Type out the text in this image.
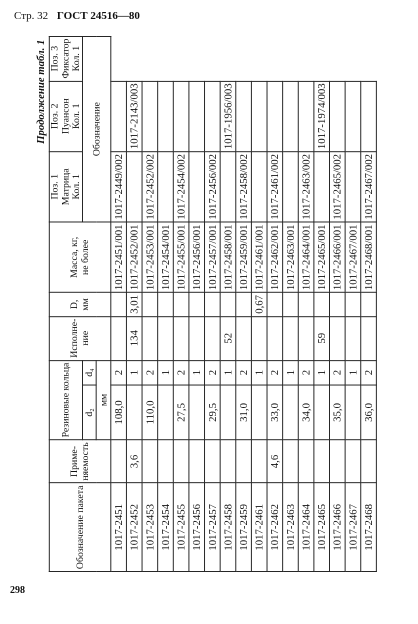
Стр. 32 ГОСТ 24516—80
Продолжение табл. 1
Обозначение пакета	Примe-
няемость	Резиновые кольца		Исполне-
ние	D,
мм	Масса, кг,
не более	Поз. 1
Матрица
Кол. 1	Поз. 2
Пуансон
Кол. 1	Поз. 3
Фиксатор
Кол. 1
		d₂	d₄				Обозначение		
		мм							
1017-2451		108,0	2			1017-2451/001	1017-2449/002		
1017-2452	3,6		1	134	3,01	1017-2452/001		1017-2143/003	
1017-2453		110,0	2			1017-2453/001	1017-2452/002		
1017-2454			1			1017-2454/001			
1017-2455		27,5	2			1017-2455/001	1017-2454/002		
1017-2456			1			1017-2456/001			
1017-2457		29,5	2			1017-2457/001	1017-2456/002		
1017-2458			1	52		1017-2458/001		1017-1956/003	
1017-2459		31,0	2			1017-2459/001	1017-2458/002		
1017-2461			1		0,67	1017-2461/001			
1017-2462	4,6	33,0	2			1017-2462/001	1017-2461/002		
1017-2463			1			1017-2463/001			
1017-2464		34,0	2			1017-2464/001	1017-2463/002		
1017-2465			1	59		1017-2465/001		1017-1974/003	
1017-2466		35,0	2			1017-2466/001	1017-2465/002		
1017-2467			1			1017-2467/001			
1017-2468		36,0	2			1017-2468/001	1017-2467/002		
298
